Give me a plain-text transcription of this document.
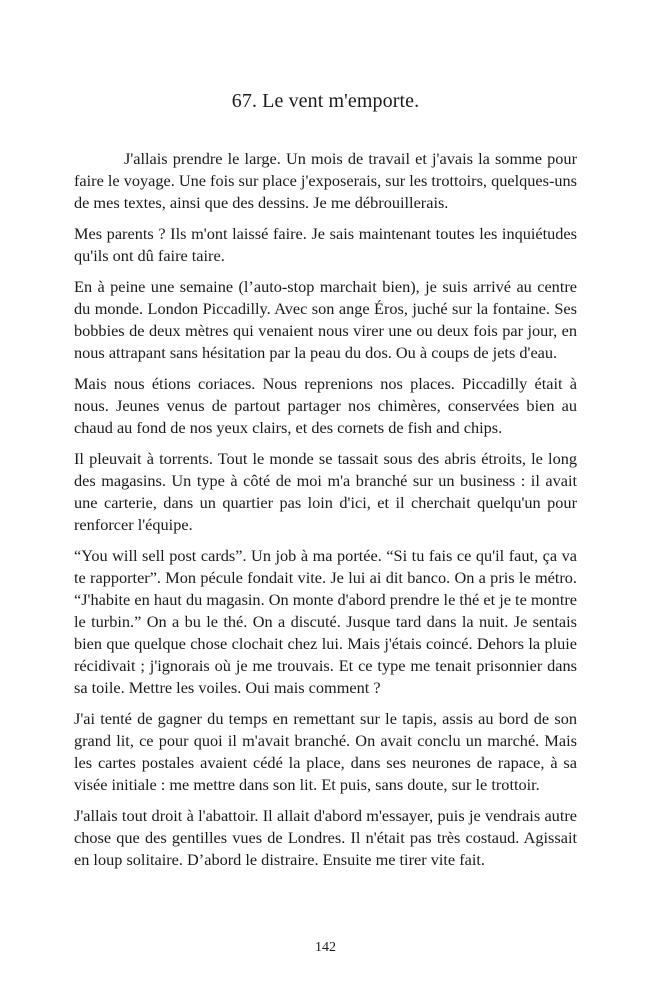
67. Le vent m'emporte.

J'allais prendre le large. Un mois de travail et j'avais la somme pour faire le voyage. Une fois sur place j'exposerais, sur les trottoirs, quelques-uns de mes textes, ainsi que des dessins. Je me débrouillerais.

Mes parents ? Ils m'ont laissé faire. Je sais maintenant toutes les inquiétudes qu'ils ont dû faire taire.

En à peine une semaine (l’auto-stop marchait bien), je suis arrivé au centre du monde. London Piccadilly. Avec son ange Éros, juché sur la fontaine. Ses bobbies de deux mètres qui venaient nous virer une ou deux fois par jour, en nous attrapant sans hésitation par la peau du dos. Ou à coups de jets d'eau.

Mais nous étions coriaces. Nous reprenions nos places. Piccadilly était à nous. Jeunes venus de partout partager nos chimères, conservées bien au chaud au fond de nos yeux clairs, et des cornets de fish and chips.

Il pleuvait à torrents. Tout le monde se tassait sous des abris étroits, le long des magasins. Un type à côté de moi m'a branché sur un business : il avait une carterie, dans un quartier pas loin d'ici, et il cherchait quelqu'un pour renforcer l'équipe.

“You will sell post cards”. Un job à ma portée. “Si tu fais ce qu'il faut, ça va te rapporter”. Mon pécule fondait vite. Je lui ai dit banco. On a pris le métro. “J'habite en haut du magasin. On monte d'abord prendre le thé et je te montre le turbin.” On a bu le thé. On a discuté. Jusque tard dans la nuit. Je sentais bien que quelque chose clochait chez lui. Mais j'étais coincé. Dehors la pluie récidivait ; j'ignorais où je me trouvais. Et ce type me tenait prisonnier dans sa toile. Mettre les voiles. Oui mais comment ?

J'ai tenté de gagner du temps en remettant sur le tapis, assis au bord de son grand lit, ce pour quoi il m'avait branché. On avait conclu un marché. Mais les cartes postales avaient cédé la place, dans ses neurones de rapace, à sa visée initiale : me mettre dans son lit. Et puis, sans doute, sur le trottoir.

J'allais tout droit à l'abattoir. Il allait d'abord m'essayer, puis je vendrais autre chose que des gentilles vues de Londres. Il n'était pas très costaud. Agissait en loup solitaire. D’abord le distraire. Ensuite me tirer vite fait.

142
